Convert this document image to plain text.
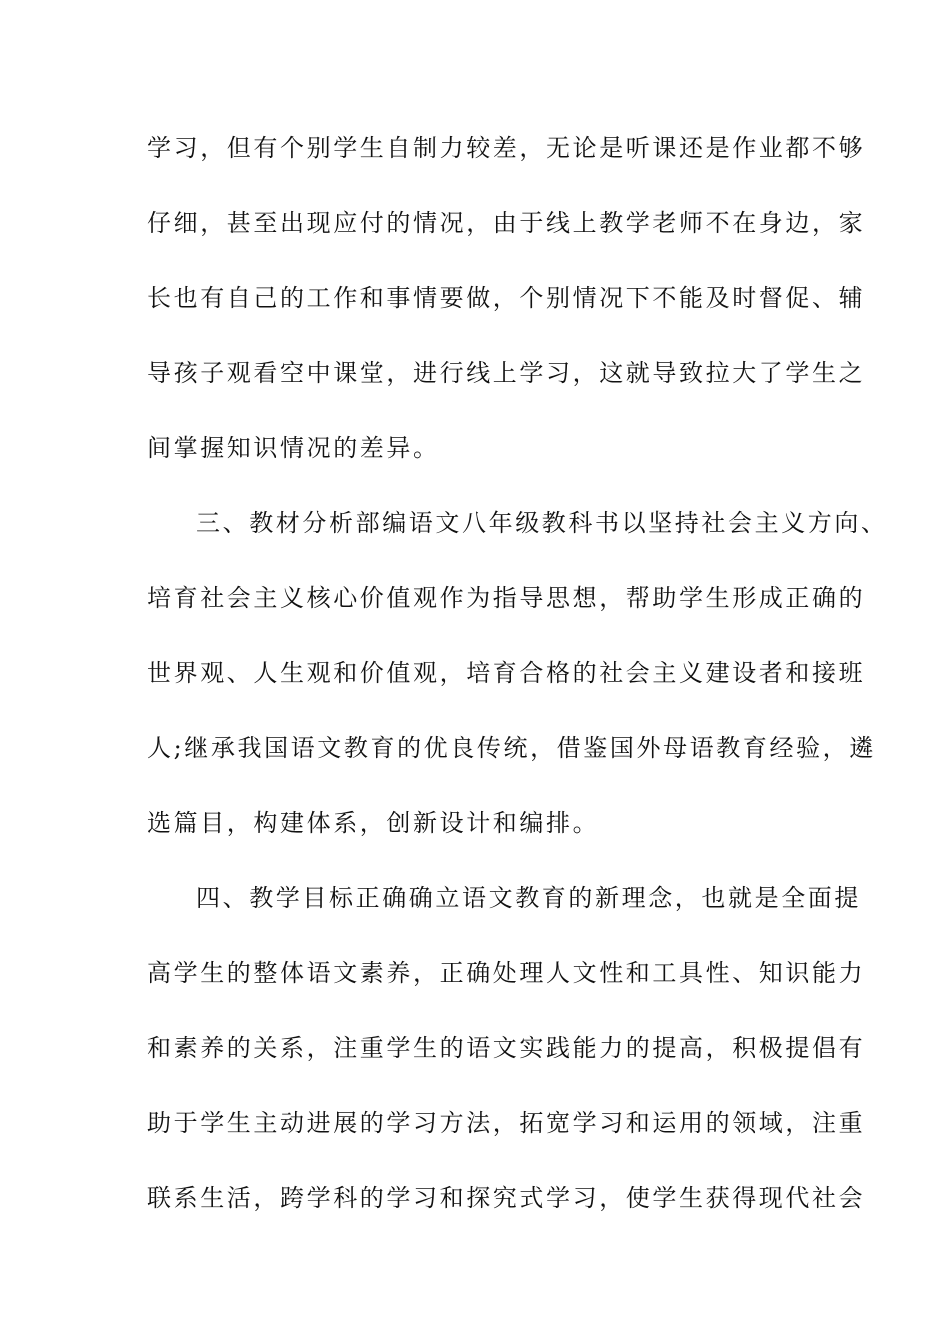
学习，但有个别学生自制力较差，无论是听课还是作业都不够
仔细，甚至出现应付的情况，由于线上教学老师不在身边，家
长也有自己的工作和事情要做，个别情况下不能及时督促、辅
导孩子观看空中课堂，进行线上学习，这就导致拉大了学生之
间掌握知识情况的差异。
三、教材分析部编语文八年级教科书以坚持社会主义方向、
培育社会主义核心价值观作为指导思想，帮助学生形成正确的
世界观、人生观和价值观，培育合格的社会主义建设者和接班
人;继承我国语文教育的优良传统，借鉴国外母语教育经验，遴
选篇目，构建体系，创新设计和编排。
四、教学目标正确确立语文教育的新理念，也就是全面提
高学生的整体语文素养，正确处理人文性和工具性、知识能力
和素养的关系，注重学生的语文实践能力的提高，积极提倡有
助于学生主动进展的学习方法，拓宽学习和运用的领域，注重
联系生活，跨学科的学习和探究式学习，使学生获得现代社会
